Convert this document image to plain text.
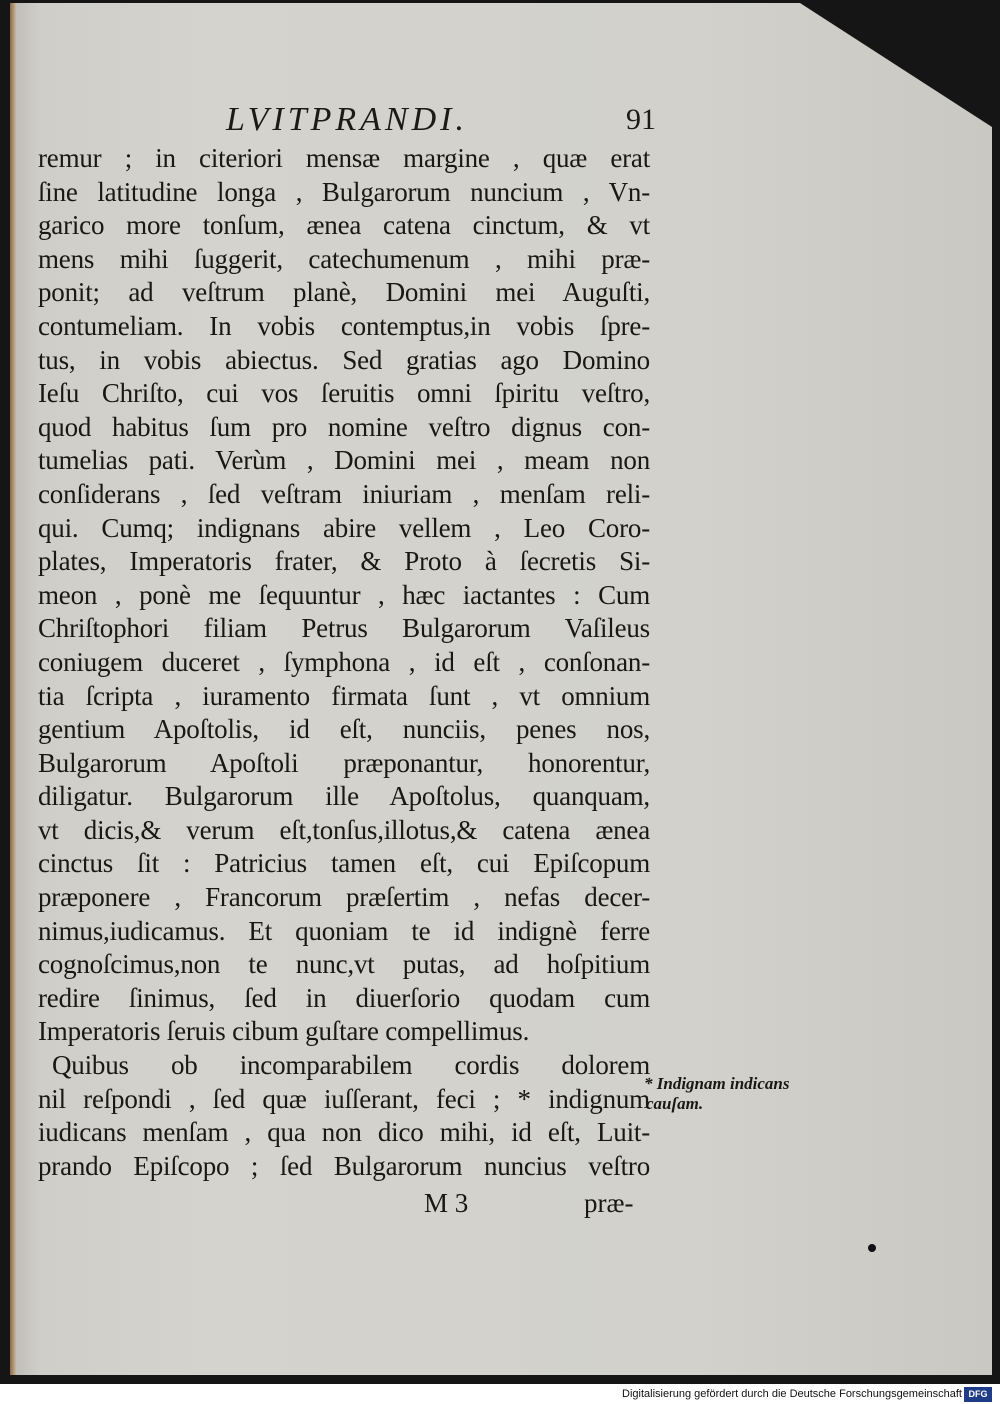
LVITPRANDI.	91
remur ; in citeriori mensæ margine , quæ erat
ſine latitudine longa , Bulgarorum nuncium , Vn-
garico more tonſum, ænea catena cinctum, & vt
mens mihi ſuggerit, catechumenum , mihi præ-
ponit; ad veſtrum planè, Domini mei Auguſti,
contumeliam. In vobis contemptus,in vobis ſpre-
tus, in vobis abiectus. Sed gratias ago Domino
Ieſu Chriſto, cui vos ſeruitis omni ſpiritu veſtro,
quod habitus ſum pro nomine veſtro dignus con-
tumelias pati. Verùm , Domini mei , meam non
conſiderans , ſed veſtram iniuriam , menſam reli-
qui. Cumq; indignans abire vellem , Leo Coro-
plates, Imperatoris frater, & Proto à ſecretis Si-
meon , ponè me ſequuntur , hæc iactantes : Cum
Chriſtophori filiam Petrus Bulgarorum Vaſileus
coniugem duceret , ſymphona , id eſt , conſonan-
tia ſcripta , iuramento firmata ſunt , vt omnium
gentium Apoſtolis, id eſt, nunciis, penes nos,
Bulgarorum Apoſtoli præponantur, honorentur,
diligatur. Bulgarorum ille Apoſtolus, quanquam,
vt dicis,& verum eſt,tonſus,illotus,& catena ænea
cinctus ſit : Patricius tamen eſt, cui Epiſcopum
præponere , Francorum præſertim , nefas decer-
nimus,iudicamus. Et quoniam te id indignè ferre
cognoſcimus,non te nunc,vt putas, ad hoſpitium
redire ſinimus, ſed in diuerſorio quodam cum
Imperatoris ſeruis cibum guſtare compellimus.
Quibus ob incomparabilem cordis dolorem
nil reſpondi , ſed quæ iuſſerant, feci ; * indignum
iudicans menſam , qua non dico mihi, id eſt, Luit-
prando Epiſcopo ; ſed Bulgarorum nuncius veſtro
M 3	præ-
* Indignam indicans
cauſam.
Digitalisierung gefördert durch die Deutsche Forschungsgemeinschaft DFG
